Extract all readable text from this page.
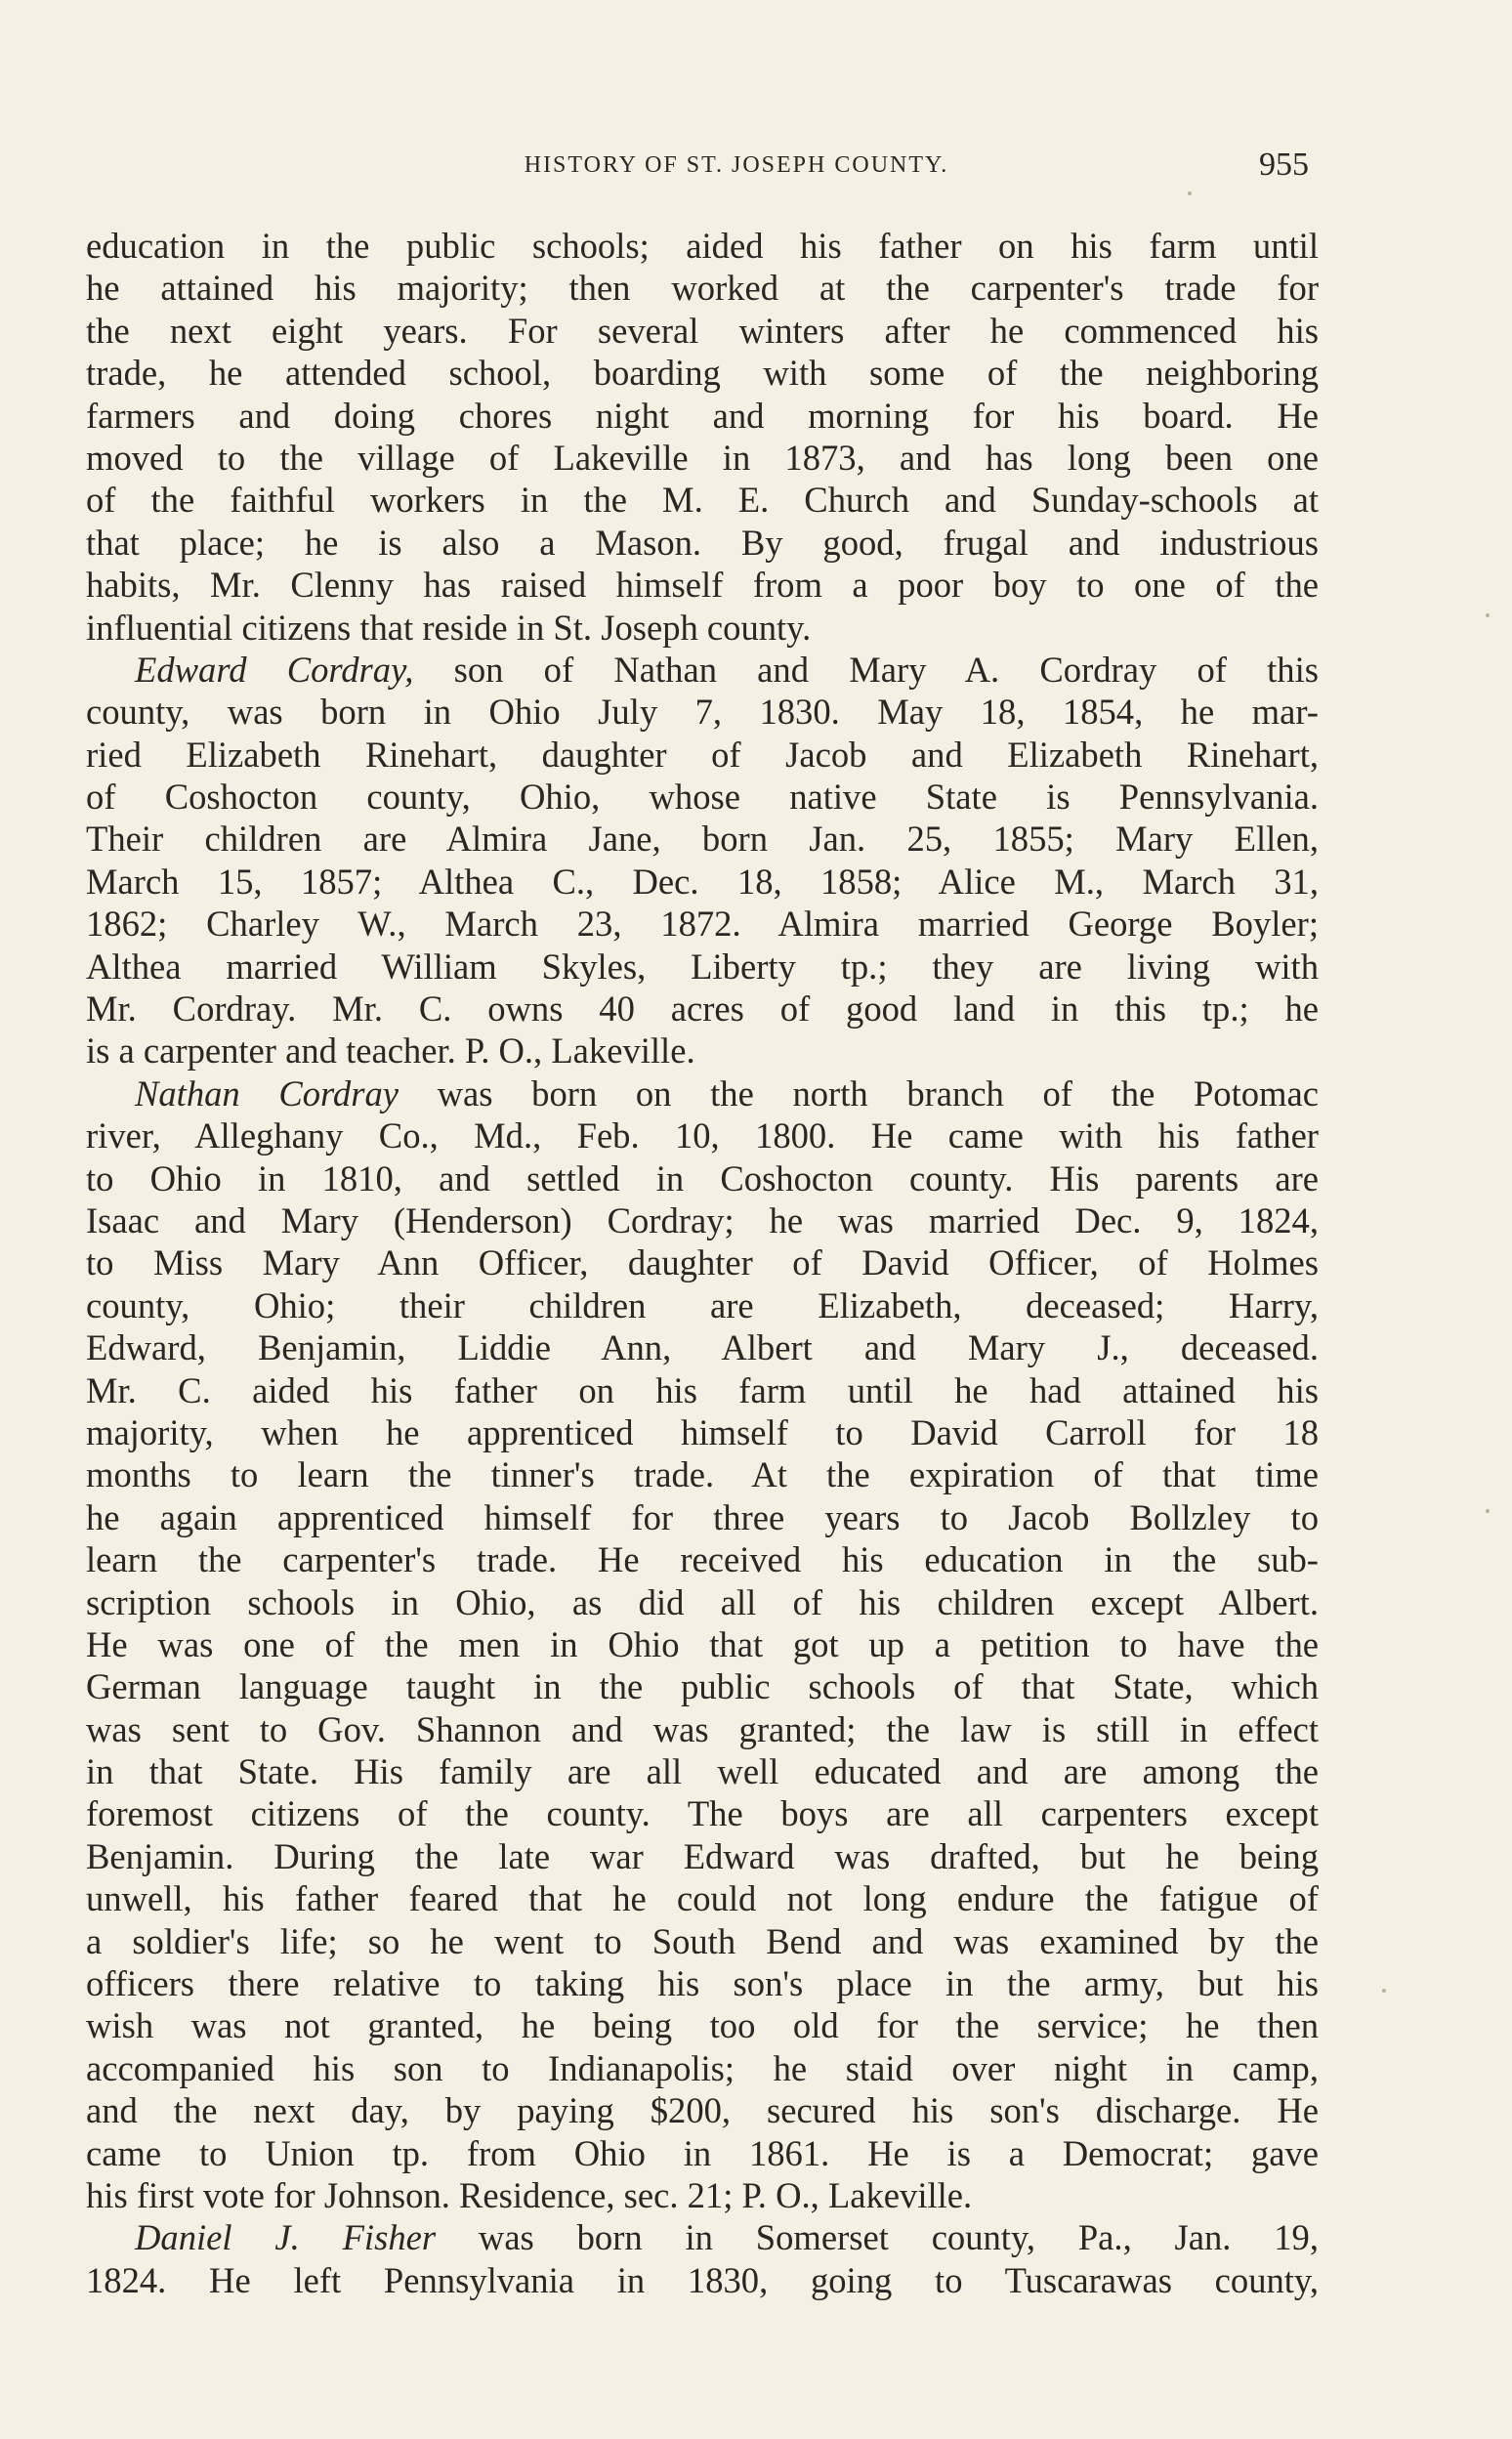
HISTORY OF ST. JOSEPH COUNTY.	955
education in the public schools; aided his father on his farm until
he attained his majority; then worked at the carpenter's trade for
the next eight years. For several winters after he commenced his
trade, he attended school, boarding with some of the neighboring
farmers and doing chores night and morning for his board. He
moved to the village of Lakeville in 1873, and has long been one
of the faithful workers in the M. E. Church and Sunday-schools at
that place; he is also a Mason. By good, frugal and industrious
habits, Mr. Clenny has raised himself from a poor boy to one of the
influential citizens that reside in St. Joseph county.
Edward Cordray, son of Nathan and Mary A. Cordray of this
county, was born in Ohio July 7, 1830. May 18, 1854, he mar-
ried Elizabeth Rinehart, daughter of Jacob and Elizabeth Rinehart,
of Coshocton county, Ohio, whose native State is Pennsylvania.
Their children are Almira Jane, born Jan. 25, 1855; Mary Ellen,
March 15, 1857; Althea C., Dec. 18, 1858; Alice M., March 31,
1862; Charley W., March 23, 1872. Almira married George Boyler;
Althea married William Skyles, Liberty tp.; they are living with
Mr. Cordray. Mr. C. owns 40 acres of good land in this tp.; he
is a carpenter and teacher. P. O., Lakeville.
Nathan Cordray was born on the north branch of the Potomac
river, Alleghany Co., Md., Feb. 10, 1800. He came with his father
to Ohio in 1810, and settled in Coshocton county. His parents are
Isaac and Mary (Henderson) Cordray; he was married Dec. 9, 1824,
to Miss Mary Ann Officer, daughter of David Officer, of Holmes
county, Ohio; their children are Elizabeth, deceased; Harry,
Edward, Benjamin, Liddie Ann, Albert and Mary J., deceased.
Mr. C. aided his father on his farm until he had attained his
majority, when he apprenticed himself to David Carroll for 18
months to learn the tinner's trade. At the expiration of that time
he again apprenticed himself for three years to Jacob Bollzley to
learn the carpenter's trade. He received his education in the sub-
scription schools in Ohio, as did all of his children except Albert.
He was one of the men in Ohio that got up a petition to have the
German language taught in the public schools of that State, which
was sent to Gov. Shannon and was granted; the law is still in effect
in that State. His family are all well educated and are among the
foremost citizens of the county. The boys are all carpenters except
Benjamin. During the late war Edward was drafted, but he being
unwell, his father feared that he could not long endure the fatigue of
a soldier's life; so he went to South Bend and was examined by the
officers there relative to taking his son's place in the army, but his
wish was not granted, he being too old for the service; he then
accompanied his son to Indianapolis; he staid over night in camp,
and the next day, by paying $200, secured his son's discharge. He
came to Union tp. from Ohio in 1861. He is a Democrat; gave
his first vote for Johnson. Residence, sec. 21; P. O., Lakeville.
Daniel J. Fisher was born in Somerset county, Pa., Jan. 19,
1824. He left Pennsylvania in 1830, going to Tuscarawas county,
